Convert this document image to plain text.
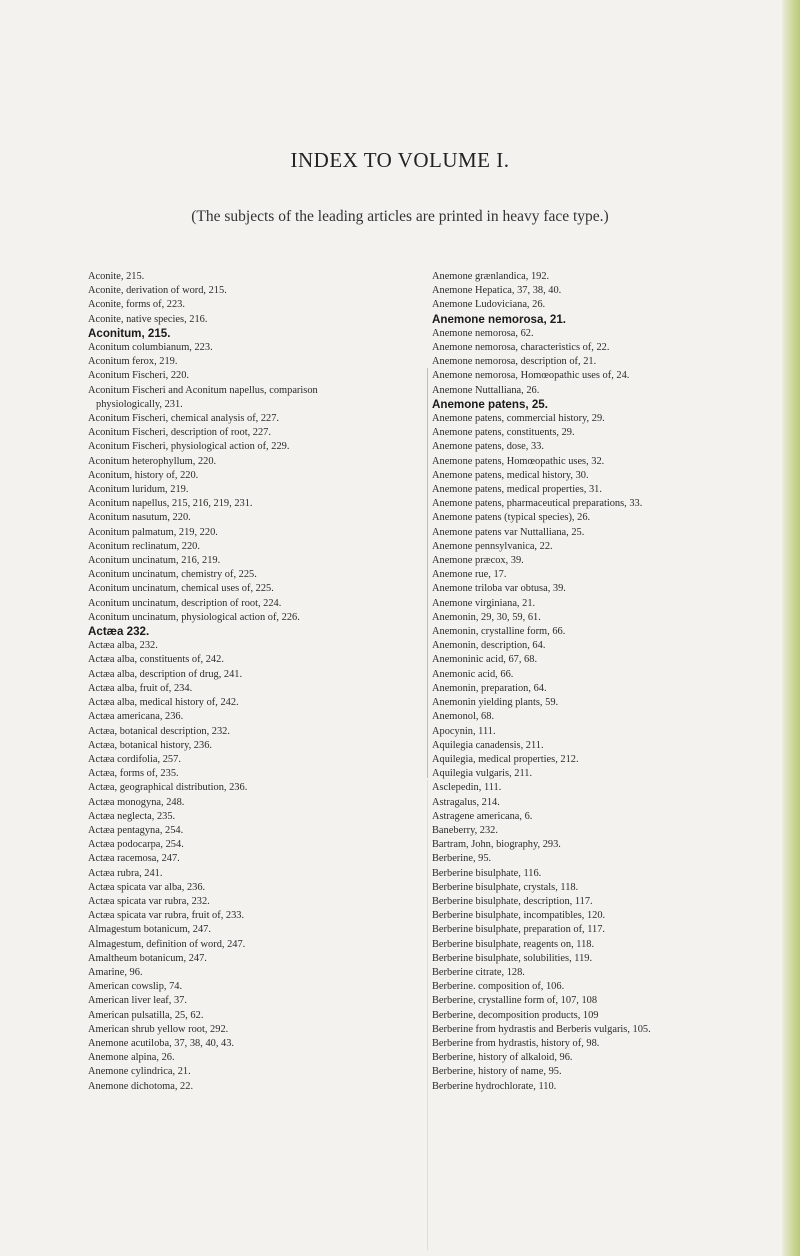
INDEX TO VOLUME I.
(The subjects of the leading articles are printed in heavy face type.)
Aconite, 215.
Aconite, derivation of word, 215.
Aconite, forms of, 223.
Aconite, native species, 216.
Aconitum, 215.
Aconitum columbianum, 223.
Aconitum ferox, 219.
Aconitum Fischeri, 220.
Aconitum Fischeri and Aconitum napellus, comparison
physiologically, 231.
Aconitum Fischeri, chemical analysis of, 227.
Aconitum Fischeri, description of root, 227.
Aconitum Fischeri, physiological action of, 229.
Aconitum heterophyllum, 220.
Aconitum, history of, 220.
Aconitum luridum, 219.
Aconitum napellus, 215, 216, 219, 231.
Aconitum nasutum, 220.
Aconitum palmatum, 219, 220.
Aconitum reclinatum, 220.
Aconitum uncinatum, 216, 219.
Aconitum uncinatum, chemistry of, 225.
Aconitum uncinatum, chemical uses of, 225.
Aconitum uncinatum, description of root, 224.
Aconitum uncinatum, physiological action of, 226.
Actæa 232.
Actæa alba, 232.
Actæa alba, constituents of, 242.
Actæa alba, description of drug, 241.
Actæa alba, fruit of, 234.
Actæa alba, medical history of, 242.
Actæa americana, 236.
Actæa, botanical description, 232.
Actæa, botanical history, 236.
Actæa cordifolia, 257.
Actæa, forms of, 235.
Actæa, geographical distribution, 236.
Actæa monogyna, 248.
Actæa neglecta, 235.
Actæa pentagyna, 254.
Actæa podocarpa, 254.
Actæa racemosa, 247.
Actæa rubra, 241.
Actæa spicata var alba, 236.
Actæa spicata var rubra, 232.
Actæa spicata var rubra, fruit of, 233.
Almagestum botanicum, 247.
Almagestum, definition of word, 247.
Amaltheum botanicum, 247.
Amarine, 96.
American cowslip, 74.
American liver leaf, 37.
American pulsatilla, 25, 62.
American shrub yellow root, 292.
Anemone acutiloba, 37, 38, 40, 43.
Anemone alpina, 26.
Anemone cylindrica, 21.
Anemone dichotoma, 22.
Anemone grænlandica, 192.
Anemone Hepatica, 37, 38, 40.
Anemone Ludoviciana, 26.
Anemone nemorosa, 21.
Anemone nemorosa, 62.
Anemone nemorosa, characteristics of, 22.
Anemone nemorosa, description of, 21.
Anemone nemorosa, Homœopathic uses of, 24.
Anemone Nuttalliana, 26.
Anemone patens, 25.
Anemone patens, commercial history, 29.
Anemone patens, constituents, 29.
Anemone patens, dose, 33.
Anemone patens, Homœopathic uses, 32.
Anemone patens, medical history, 30.
Anemone patens, medical properties, 31.
Anemone patens, pharmaceutical preparations, 33.
Anemone patens (typical species), 26.
Anemone patens var Nuttalliana, 25.
Anemone pennsylvanica, 22.
Anemone præcox, 39.
Anemone rue, 17.
Anemone triloba var obtusa, 39.
Anemone virginiana, 21.
Anemonin, 29, 30, 59, 61.
Anemonin, crystalline form, 66.
Anemonin, description, 64.
Anemoninic acid, 67, 68.
Anemonic acid, 66.
Anemonin, preparation, 64.
Anemonin yielding plants, 59.
Anemonol, 68.
Apocynin, 111.
Aquilegia canadensis, 211.
Aquilegia, medical properties, 212.
Aquilegia vulgaris, 211.
Asclepedin, 111.
Astragalus, 214.
Astragene americana, 6.
Baneberry, 232.
Bartram, John, biography, 293.
Berberine, 95.
Berberine bisulphate, 116.
Berberine bisulphate, crystals, 118.
Berberine bisulphate, description, 117.
Berberine bisulphate, incompatibles, 120.
Berberine bisulphate, preparation of, 117.
Berberine bisulphate, reagents on, 118.
Berberine bisulphate, solubilities, 119.
Berberine citrate, 128.
Berberine. composition of, 106.
Berberine, crystalline form of, 107, 108
Berberine, decomposition products, 109
Berberine from hydrastis and Berberis vulgaris, 105.
Berberine from hydrastis, history of, 98.
Berberine, history of alkaloid, 96.
Berberine, history of name, 95.
Berberine hydrochlorate, 110.
